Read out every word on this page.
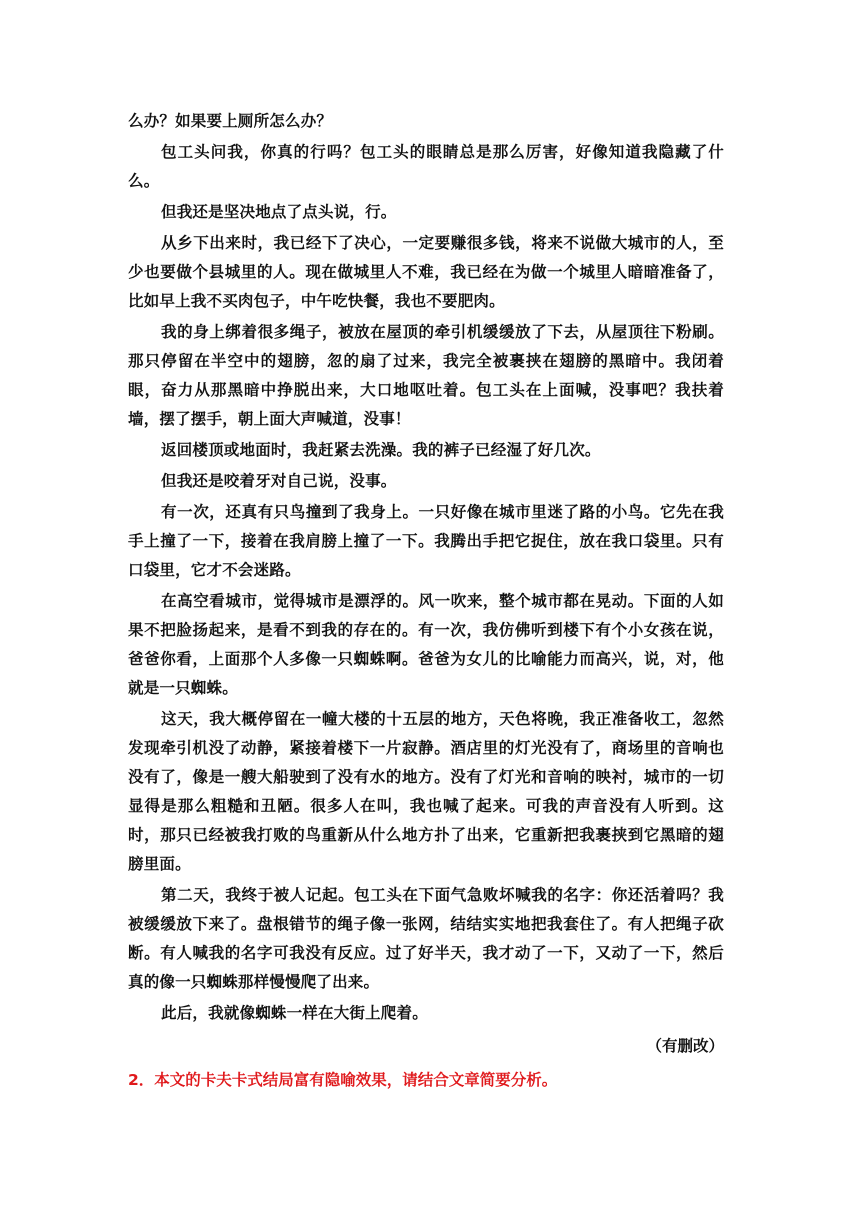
么办？如果要上厕所怎么办？

包工头问我，你真的行吗？包工头的眼睛总是那么厉害，好像知道我隐藏了什么。

但我还是坚决地点了点头说，行。

从乡下出来时，我已经下了决心，一定要赚很多钱，将来不说做大城市的人，至少也要做个县城里的人。现在做城里人不难，我已经在为做一个城里人暗暗准备了，比如早上我不买肉包子，中午吃快餐，我也不要肥肉。

我的身上绑着很多绳子，被放在屋顶的牵引机缓缓放了下去，从屋顶往下粉刷。那只停留在半空中的翅膀，忽的扇了过来，我完全被裹挟在翅膀的黑暗中。我闭着眼，奋力从那黑暗中挣脱出来，大口地呕吐着。包工头在上面喊，没事吧？我扶着墙，摆了摆手，朝上面大声喊道，没事！

返回楼顶或地面时，我赶紧去洗澡。我的裤子已经湿了好几次。

但我还是咬着牙对自己说，没事。

有一次，还真有只鸟撞到了我身上。一只好像在城市里迷了路的小鸟。它先在我手上撞了一下，接着在我肩膀上撞了一下。我腾出手把它捉住，放在我口袋里。只有口袋里，它才不会迷路。

在高空看城市，觉得城市是漂浮的。风一吹来，整个城市都在晃动。下面的人如果不把脸扬起来，是看不到我的存在的。有一次，我仿佛听到楼下有个小女孩在说，爸爸你看，上面那个人多像一只蜘蛛啊。爸爸为女儿的比喻能力而高兴，说，对，他就是一只蜘蛛。

这天，我大概停留在一幢大楼的十五层的地方，天色将晚，我正准备收工，忽然发现牵引机没了动静，紧接着楼下一片寂静。酒店里的灯光没有了，商场里的音响也没有了，像是一艘大船驶到了没有水的地方。没有了灯光和音响的映衬，城市的一切显得是那么粗糙和丑陋。很多人在叫，我也喊了起来。可我的声音没有人听到。这时，那只已经被我打败的鸟重新从什么地方扑了出来，它重新把我裹挟到它黑暗的翅膀里面。

第二天，我终于被人记起。包工头在下面气急败坏喊我的名字：你还活着吗？我被缓缓放下来了。盘根错节的绳子像一张网，结结实实地把我套住了。有人把绳子砍断。有人喊我的名字可我没有反应。过了好半天，我才动了一下，又动了一下，然后真的像一只蜘蛛那样慢慢爬了出来。

此后，我就像蜘蛛一样在大街上爬着。

（有删改）

2．本文的卡夫卡式结局富有隐喻效果，请结合文章简要分析。
